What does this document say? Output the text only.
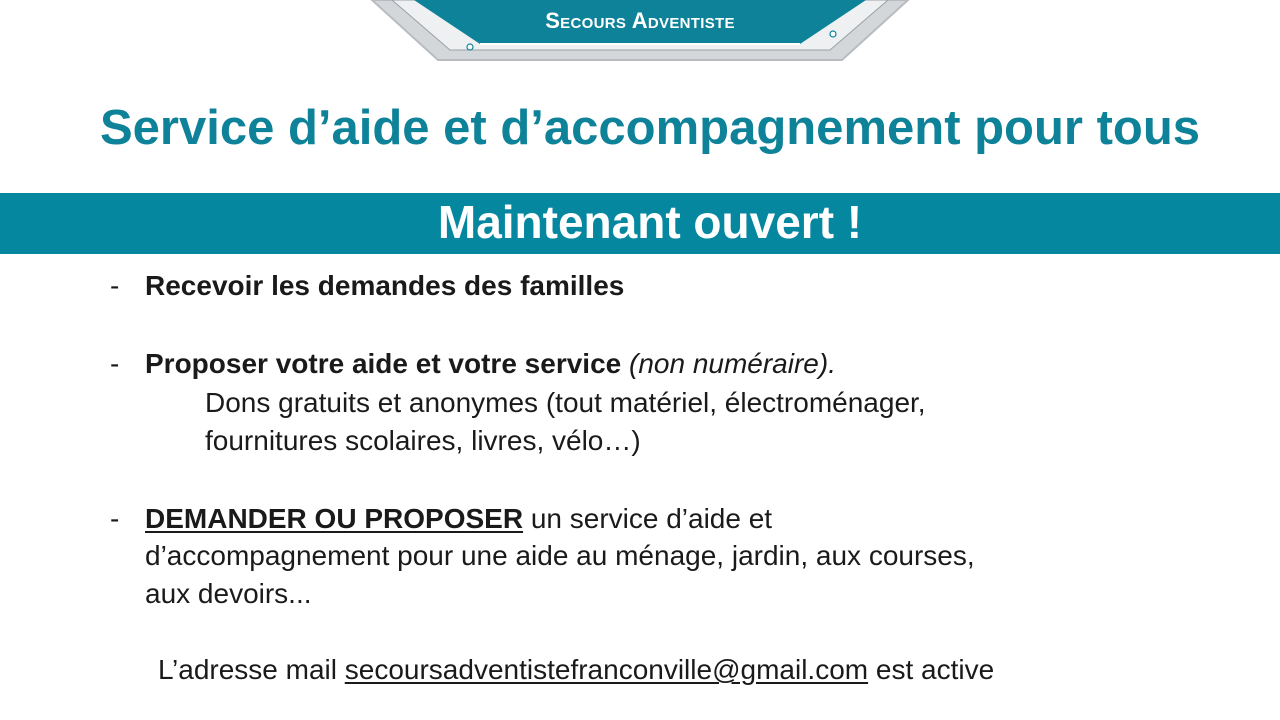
Secours Adventiste
Service d’aide et d’accompagnement pour tous
Maintenant ouvert !
- Recevoir les demandes des familles
- Proposer votre aide et votre service (non numéraire).
Dons gratuits et anonymes (tout matériel, électroménager,
fournitures scolaires, livres, vélo…)
- DEMANDER OU PROPOSER un service d’aide et
d’accompagnement pour une aide au ménage, jardin, aux courses,
aux devoirs...
L’adresse mail secoursadventistefranconville@gmail.com est active
